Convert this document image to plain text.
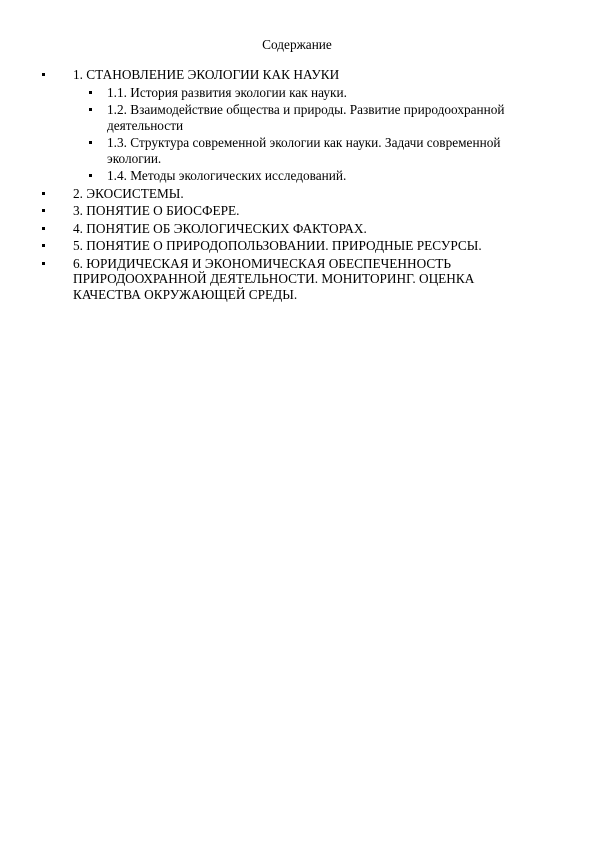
Содержание
1. СТАНОВЛЕНИЕ ЭКОЛОГИИ КАК НАУКИ
1.1. История развития экологии как науки.
1.2. Взаимодействие общества и природы. Развитие природоохранной деятельности
1.3. Структура современной экологии как науки. Задачи современной экологии.
1.4. Методы экологических исследований.
2. ЭКОСИСТЕМЫ.
3. ПОНЯТИЕ О БИОСФЕРЕ.
4. ПОНЯТИЕ ОБ ЭКОЛОГИЧЕСКИХ ФАКТОРАХ.
5. ПОНЯТИЕ О ПРИРОДОПОЛЬЗОВАНИИ. ПРИРОДНЫЕ РЕСУРСЫ.
6. ЮРИДИЧЕСКАЯ И ЭКОНОМИЧЕСКАЯ ОБЕСПЕЧЕННОСТЬ ПРИРОДООХРАННОЙ ДЕЯТЕЛЬНОСТИ. МОНИТОРИНГ. ОЦЕНКА КАЧЕСТВА ОКРУЖАЮЩЕЙ СРЕДЫ.
